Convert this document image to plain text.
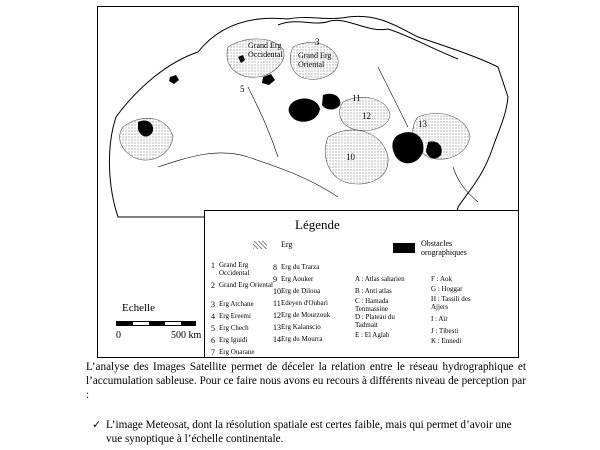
Grand Erg Occidental	Grand Erg Oriental
3
5
11
12
13
10
Echelle
0	500 km
Légende
Erg	Obstacles orographiques
1 Grand Erg Occidental
2 Grand Erg Oriental
3 Erg Atchane
4 Erg Ereemi
5 Erg Chech
6 Erg Iguidi
7 Erg Ouarane
8 Erg du Trarza
9 Erg Aouker
10 Erg de Diloua
11 Edeyen d'Oubari
12 Erg de Mourzouk
13 Erg Kalanscio
14 Erg du Mourra
A : Atlas saharien
B : Anti atlas
C : Hamada Tenmassine
D : Plateau du Tadmait
E : El Aglab
F : Aok
G : Hoggar
H : Tassili des Ajjers
I : Aïr
J : Tibesti
K : Ennedi
L’analyse des Images Satellite permet de déceler la relation entre le réseau hydrographique et l’accumulation sableuse. Pour ce faire nous avons eu recours à différents niveau de perception par :
✓ L’image Meteosat, dont la résolution spatiale est certes faible, mais qui permet d’avoir une vue synoptique à l’échelle continentale.
